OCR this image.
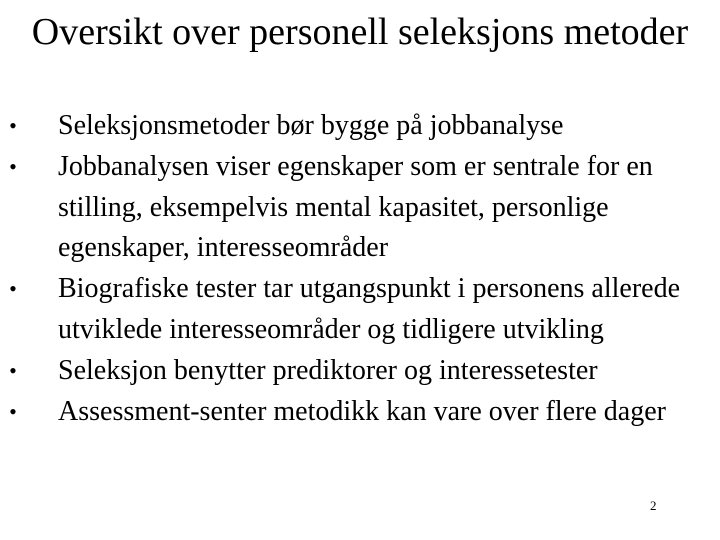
Oversikt over personell seleksjons metoder
• Seleksjonsmetoder bør bygge på jobbanalyse
• Jobbanalysen viser egenskaper som er sentrale for en stilling, eksempelvis mental kapasitet, personlige egenskaper, interesseområder
• Biografiske tester tar utgangspunkt i personens allerede utviklede interesseområder og tidligere utvikling
• Seleksjon benytter prediktorer og interessetester
• Assessment-senter metodikk kan vare over flere dager
2
